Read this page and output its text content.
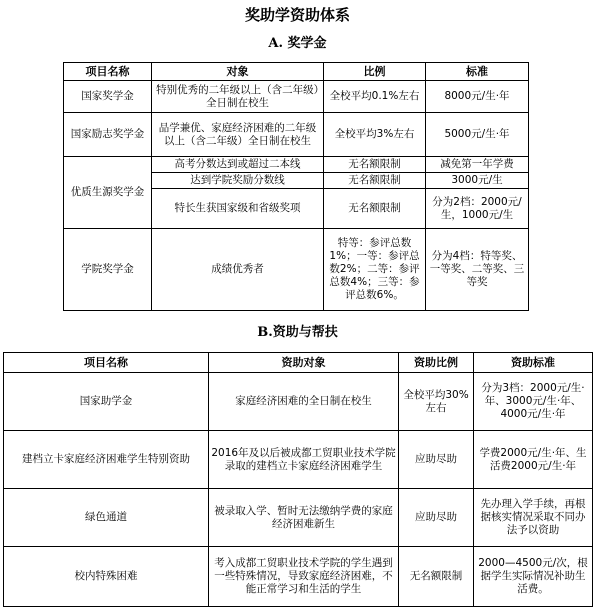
奖助学资助体系
A. 奖学金
项目名称	对象	比例	标准
国家奖学金	特别优秀的二年级以上（含二年级）全日制在校生	全校平均0.1%左右	8000元/生·年
国家励志奖学金	品学兼优、家庭经济困难的二年级以上（含二年级）全日制在校生	全校平均3%左右	5000元/生·年
优质生源奖学金	高考分数达到或超过二本线	无名额限制	减免第一年学费
	达到学院奖励分数线	无名额限制	3000元/生
	特长生获国家级和省级奖项	无名额限制	分为2档：2000元/生，1000元/生
学院奖学金	成绩优秀者	特等：参评总数1%；一等：参评总数2%；二等：参评总数4%；三等：参评总数6%。	分为4档：特等奖、一等奖、二等奖、三等奖
B.资助与帮扶
项目名称	资助对象	资助比例	资助标准
国家助学金	家庭经济困难的全日制在校生	全校平均30%左右	分为3档：2000元/生·年、3000元/生·年、4000元/生·年
建档立卡家庭经济困难学生特别资助	2016年及以后被成都工贸职业技术学院录取的建档立卡家庭经济困难学生	应助尽助	学费2000元/生·年、生活费2000元/生·年
绿色通道	被录取入学、暂时无法缴纳学费的家庭经济困难新生	应助尽助	先办理入学手续，再根据核实情况采取不同办法予以资助
校内特殊困难	考入成都工贸职业技术学院的学生遇到一些特殊情况，导致家庭经济困难，不能正常学习和生活的学生	无名额限制	2000—4500元/次，根据学生实际情况补助生活费。
